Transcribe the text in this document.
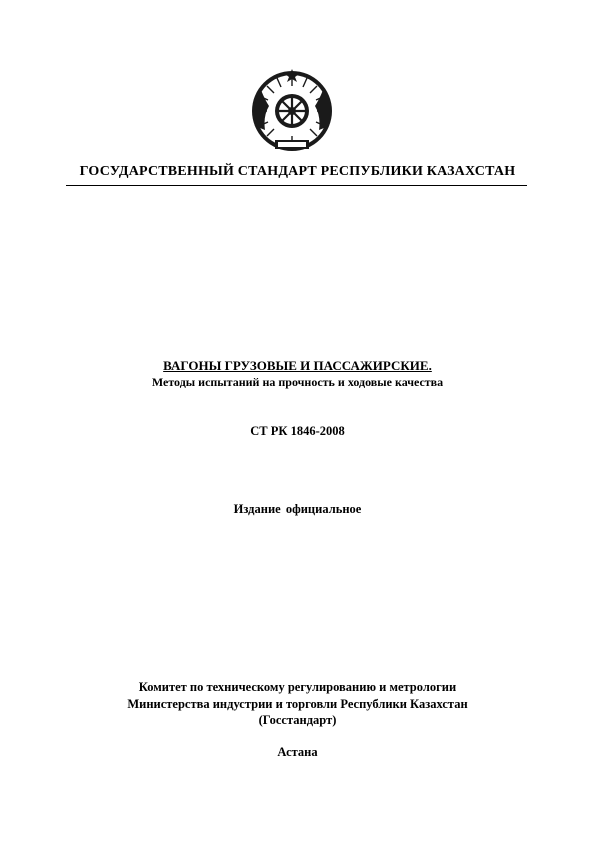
ГОСУДАРСТВЕННЫЙ СТАНДАРТ РЕСПУБЛИКИ КАЗАХСТАН
ВАГОНЫ ГРУЗОВЫЕ И ПАССАЖИРСКИЕ.
Методы испытаний на прочность и ходовые качества
СТ РК 1846-2008
Издание официальное
Комитет по техническому регулированию и метрологии
Министерства индустрии и торговли Республики Казахстан
(Госстандарт)
Астана
